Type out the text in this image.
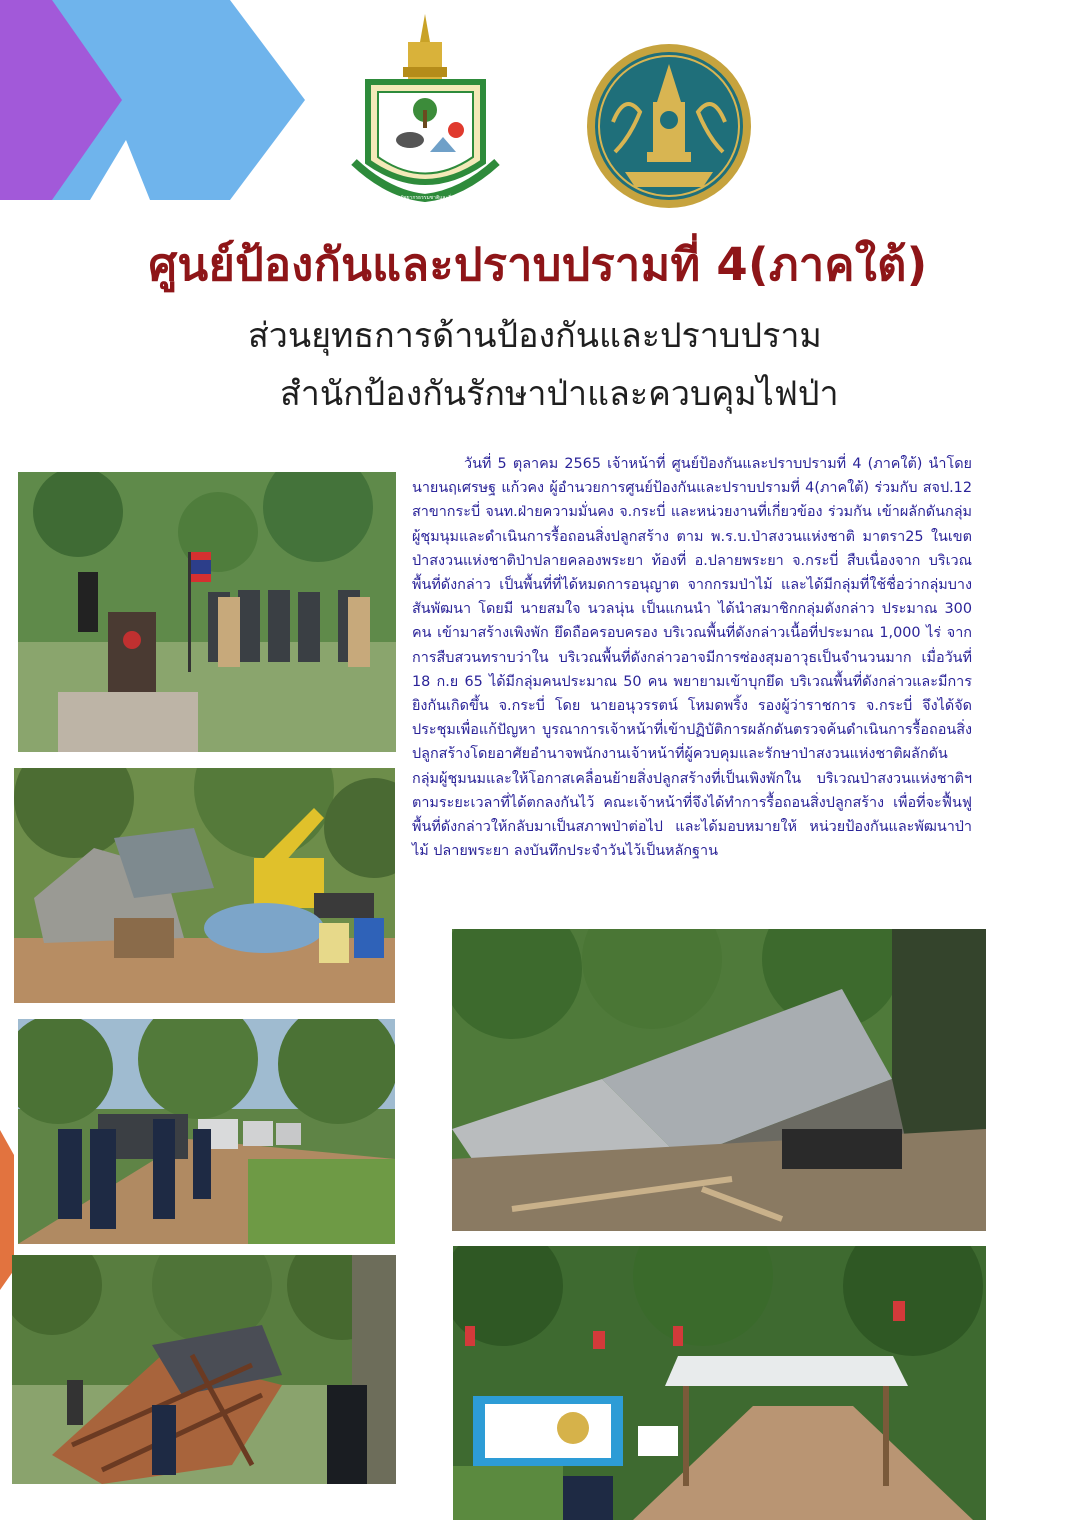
กระทรวงทรัพยากรธรรมชาติและสิ่งแวดล้อม
ศูนย์ป้องกันและปราบปรามที่ 4(ภาคใต้)
ส่วนยุทธการด้านป้องกันและปราบปราม
สำนักป้องกันรักษาป่าและควบคุมไฟป่า
วันที่ 5 ตุลาคม 2565 เจ้าหน้าที่ ศูนย์ป้องกันและปราบปรามที่ 4 (ภาคใต้) นำโดย นายนฤเศรษฐ แก้วคง ผู้อำนวยการศูนย์ป้องกันและปราบปรามที่ 4(ภาคใต้) ร่วมกับ สจป.12 สาขากระบี่ จนท.ฝ่ายความมั่นคง จ.กระบี่ และหน่วยงานที่เกี่ยวข้อง ร่วมกัน เข้าผลักดันกลุ่มผู้ชุมนุมและดำเนินการรื้อถอนสิ่งปลูกสร้าง ตาม พ.ร.บ.ป่าสงวนแห่งชาติ มาตรา25 ในเขตป่าสงวนแห่งชาติป่าปลายคลองพระยา ท้องที่ อ.ปลายพระยา จ.กระบี่ สืบเนื่องจาก บริเวณพื้นที่ดังกล่าว เป็นพื้นที่ที่ได้หมดการอนุญาต จากกรมป่าไม้ และได้มีกลุ่มที่ใช้ชื่อว่ากลุ่มบางสันพัฒนา โดยมี นายสมใจ นวลนุ่น เป็นแกนนำ ได้นำสมาชิกกลุ่มดังกล่าว ประมาณ 300 คน เข้ามาสร้างเพิงพัก ยึดถือครอบครอง บริเวณพื้นที่ดังกล่าวเนื้อที่ประมาณ 1,000 ไร่ จากการสืบสวนทราบว่าใน บริเวณพื้นที่ดังกล่าวอาจมีการซ่องสุมอาวุธเป็นจำนวนมาก เมื่อวันที่ 18 ก.ย 65 ได้มีกลุ่มคนประมาณ 50 คน พยายามเข้าบุกยึด บริเวณพื้นที่ดังกล่าวและมีการยิงกันเกิดขึ้น จ.กระบี่ โดย นายอนุวรรตน์ โหมดพริ้ง รองผู้ว่าราชการ จ.กระบี่ จึงได้จัดประชุมเพื่อแก้ปัญหา บูรณาการเจ้าหน้าที่เข้าปฏิบัติการผลักดันตรวจค้นดำเนินการรื้อถอนสิ่งปลูกสร้างโดยอาศัยอำนาจพนักงานเจ้าหน้าที่ผู้ควบคุมและรักษาป่าสงวนแห่งชาติผลักดันกลุ่มผู้ชุมนมและให้โอกาสเคลื่อนย้ายสิ่งปลูกสร้างที่เป็นเพิงพักใน บริเวณป่าสงวนแห่งชาติฯตามระยะเวลาที่ได้ตกลงกันไว้ คณะเจ้าหน้าที่จึงได้ทำการรื้อถอนสิ่งปลูกสร้าง เพื่อที่จะฟื้นฟูพื้นที่ดังกล่าวให้กลับมาเป็นสภาพป่าต่อไป และได้มอบหมายให้ หน่วยป้องกันและพัฒนาป่าไม้ ปลายพระยา ลงบันทึกประจำวันไว้เป็นหลักฐาน
